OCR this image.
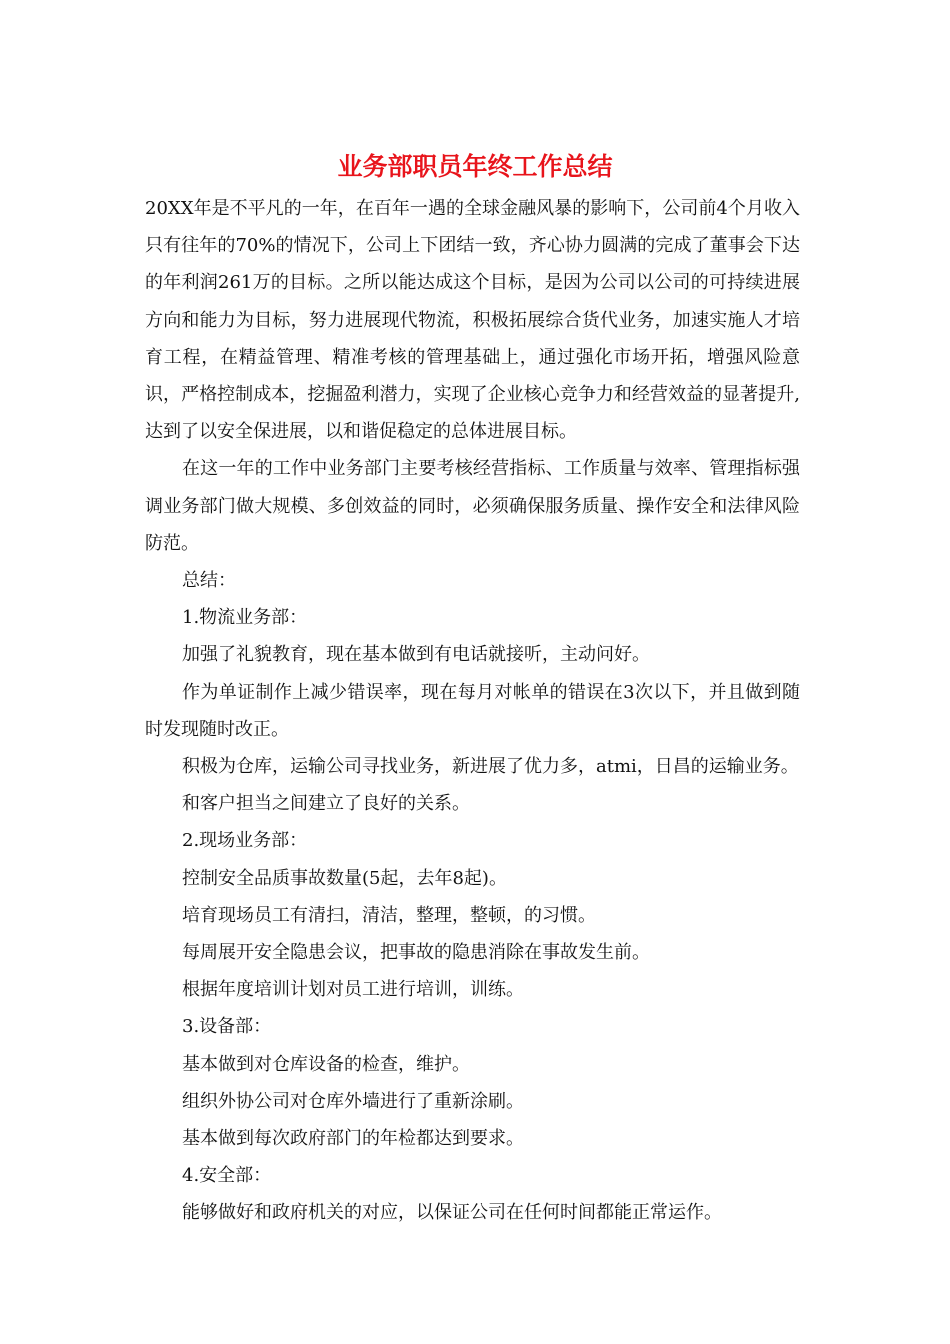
业务部职员年终工作总结

20XX年是不平凡的一年，在百年一遇的全球金融风暴的影响下，公司前4个月收入只有往年的70%的情况下，公司上下团结一致，齐心协力圆满的完成了董事会下达的年利润261万的目标。之所以能达成这个目标，是因为公司以公司的可持续进展方向和能力为目标，努力进展现代物流，积极拓展综合货代业务，加速实施人才培育工程，在精益管理、精准考核的管理基础上，通过强化市场开拓，增强风险意识，严格控制成本，挖掘盈利潜力，实现了企业核心竞争力和经营效益的显著提升,达到了以安全保进展，以和谐促稳定的总体进展目标。

在这一年的工作中业务部门主要考核经营指标、工作质量与效率、管理指标强调业务部门做大规模、多创效益的同时，必须确保服务质量、操作安全和法律风险防范。

总结：

1.物流业务部：

加强了礼貌教育，现在基本做到有电话就接听，主动问好。

作为单证制作上减少错误率，现在每月对帐单的错误在3次以下，并且做到随时发现随时改正。

积极为仓库，运输公司寻找业务，新进展了优力多，atmi，日昌的运输业务。

和客户担当之间建立了良好的关系。

2.现场业务部：

控制安全品质事故数量(5起，去年8起)。

培育现场员工有清扫，清洁，整理，整顿，的习惯。

每周展开安全隐患会议，把事故的隐患消除在事故发生前。

根据年度培训计划对员工进行培训，训练。

3.设备部：

基本做到对仓库设备的检查，维护。

组织外协公司对仓库外墙进行了重新涂刷。

基本做到每次政府部门的年检都达到要求。

4.安全部：

能够做好和政府机关的对应，以保证公司在任何时间都能正常运作。
